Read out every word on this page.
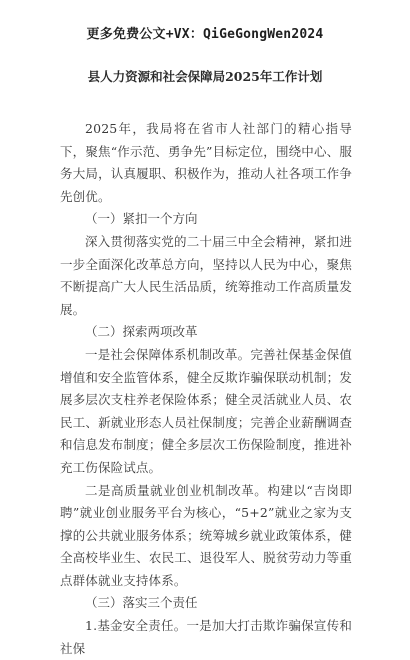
更多免费公文+VX：QiGeGongWen2024
县人力资源和社会保障局2025年工作计划

2025年，我局将在省市人社部门的精心指导下，聚焦“作示范、勇争先”目标定位，围绕中心、服务大局，认真履职、积极作为，推动人社各项工作争先创优。

（一）紧扣一个方向

深入贯彻落实党的二十届三中全会精神，紧扣进一步全面深化改革总方向，坚持以人民为中心，聚焦不断提高广大人民生活品质，统筹推动工作高质量发展。

（二）探索两项改革

一是社会保障体系机制改革。完善社保基金保值增值和安全监管体系，健全反欺诈骗保联动机制；发展多层次支柱养老保险体系；健全灵活就业人员、农民工、新就业形态人员社保制度；完善企业薪酬调查和信息发布制度；健全多层次工伤保险制度，推进补充工伤保险试点。

二是高质量就业创业机制改革。构建以“吉岗即聘”就业创业服务平台为核心，“5+2”就业之家为支撑的公共就业服务体系；统筹城乡就业政策体系，健全高校毕业生、农民工、退役军人、脱贫劳动力等重点群体就业支持体系。

（三）落实三个责任

1.基金安全责任。一是加大打击欺诈骗保宣传和社保
